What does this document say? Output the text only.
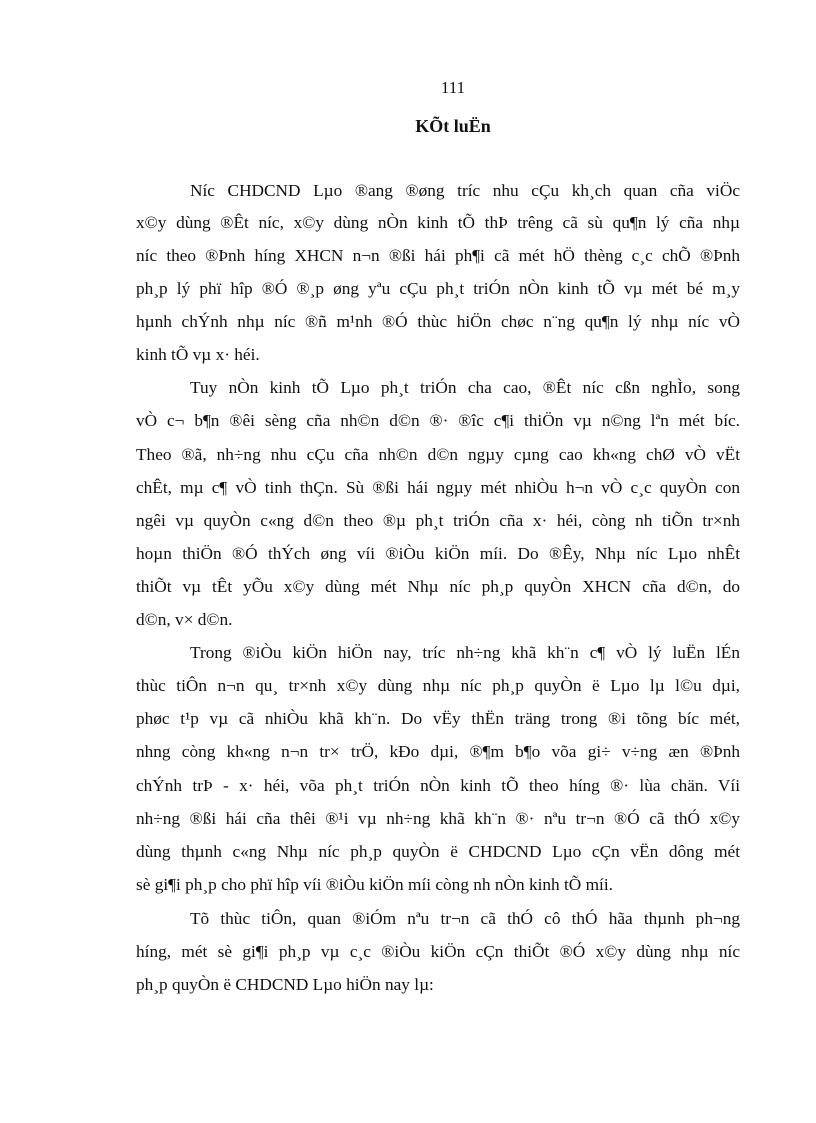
111

KÕt luËn

Níc CHDCND Lµo ®ang ®øng tríc nhu cÇu kh¸ch quan cña viÖc

x©y dùng ®Êt níc, x©y dùng nÒn kinh tÕ thÞ trêng cã sù qu¶n lý cña nhµ

níc theo ®Þnh híng XHCN n¬n ®ßi hái ph¶i cã mét hÖ thèng c¸c chÕ ®Þnh

ph¸p lý phï hîp ®Ó ®¸p øng yªu cÇu ph¸t triÓn nÒn kinh tÕ vµ mét bé m¸y

hµnh chÝnh nhµ níc ®ñ m¹nh ®Ó thùc hiÖn chøc n¨ng qu¶n lý nhµ níc vÒ

kinh tÕ vµ x· héi.

Tuy nÒn kinh tÕ Lµo ph¸t triÓn cha cao, ®Êt níc cßn nghÌo, song

vÒ c¬ b¶n ®êi sèng cña nh©n d©n ®· ®îc c¶i thiÖn vµ n©ng lªn mét bíc.

Theo ®ã, nh÷ng nhu cÇu cña nh©n d©n ngµy cµng cao kh«ng chØ vÒ vËt

chÊt, mµ c¶ vÒ tinh thÇn. Sù ®ßi hái ngµy mét nhiÒu h¬n vÒ c¸c quyÒn con

ngêi vµ quyÒn c«ng d©n theo ®µ ph¸t triÓn cña x· héi, còng nh tiÕn tr×nh

hoµn thiÖn ®Ó thÝch øng víi ®iÒu kiÖn míi. Do ®Êy, Nhµ níc Lµo nhÊt

thiÕt vµ tÊt yÕu x©y dùng mét Nhµ níc ph¸p quyÒn XHCN cña d©n, do

d©n, v× d©n.

Trong ®iÒu kiÖn hiÖn nay, tríc nh÷ng khã kh¨n c¶ vÒ lý luËn lÉn

thùc tiÔn n¬n qu¸ tr×nh x©y dùng nhµ níc ph¸p quyÒn ë Lµo lµ l©u dµi,

phøc t¹p vµ cã nhiÒu khã kh¨n. Do vËy thËn träng trong ®i tõng bíc mét,

nhng còng kh«ng n¬n tr× trÖ, kÐo dµi, ®¶m b¶o võa gi÷ v÷ng æn ®Þnh

chÝnh trÞ - x· héi, võa ph¸t triÓn nÒn kinh tÕ theo híng ®· lùa chän. Víi

nh÷ng ®ßi hái cña thêi ®¹i vµ nh÷ng khã kh¨n ®· nªu tr¬n ®Ó cã thÓ x©y

dùng thµnh c«ng Nhµ níc ph¸p quyÒn ë CHDCND Lµo cÇn vËn dông mét

sè gi¶i ph¸p cho phï hîp víi ®iÒu kiÖn míi còng nh nÒn kinh tÕ míi.

Tõ thùc tiÔn, quan ®iÓm nªu tr¬n cã thÓ cô thÓ hãa thµnh ph¬ng

híng, mét sè gi¶i ph¸p vµ c¸c ®iÒu kiÖn cÇn thiÕt ®Ó x©y dùng nhµ níc

ph¸p quyÒn ë CHDCND Lµo hiÖn nay lµ:
